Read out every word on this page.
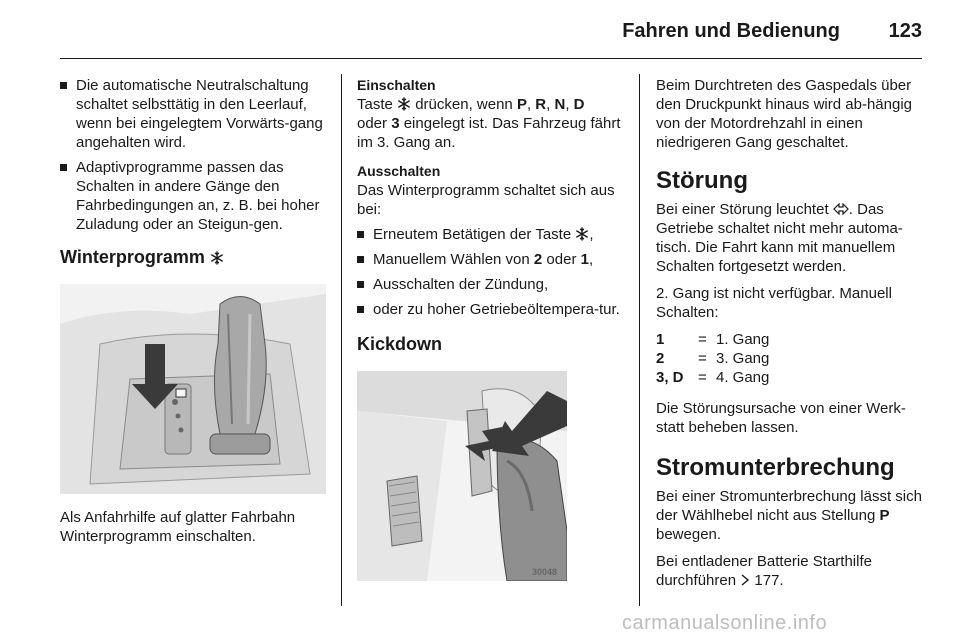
Fahren und Bedienung	123
Die automatische Neutralschaltung schaltet selbsttätig in den Leerlauf, wenn bei eingelegtem Vorwärts-gang angehalten wird.
Adaptivprogramme passen das Schalten in andere Gänge den Fahrbedingungen an, z. B. bei hoher Zuladung oder an Steigun-gen.
Winterprogramm

Als Anfahrhilfe auf glatter Fahrbahn Winterprogramm einschalten.

Einschalten
Taste  drücken, wenn P, R, N, D
oder 3 eingelegt ist. Das Fahrzeug fährt im 3. Gang an.

Ausschalten
Das Winterprogramm schaltet sich aus bei:

Erneutem Betätigen der Taste ,
Manuellem Wählen von 2 oder 1,
Ausschalten der Zündung,
oder zu hoher Getriebeöltempera-tur.
Kickdown
30048

Beim Durchtreten des Gaspedals über den Druckpunkt hinaus wird ab-hängig von der Motordrehzahl in einen niedrigeren Gang geschaltet.

Störung

Bei einer Störung leuchtet . Das Getriebe schaltet nicht mehr automa-tisch. Die Fahrt kann mit manuellem Schalten fortgesetzt werden.

2. Gang ist nicht verfügbar. Manuell Schalten:

1	=	1. Gang
2	=	3. Gang
3, D	=	4. Gang

Die Störungsursache von einer Werk-statt beheben lassen.

Stromunterbrechung

Bei einer Stromunterbrechung lässt sich der Wählhebel nicht aus Stellung P bewegen.

Bei entladener Batterie Starthilfe durchführen  177.

carmanualsonline.info
